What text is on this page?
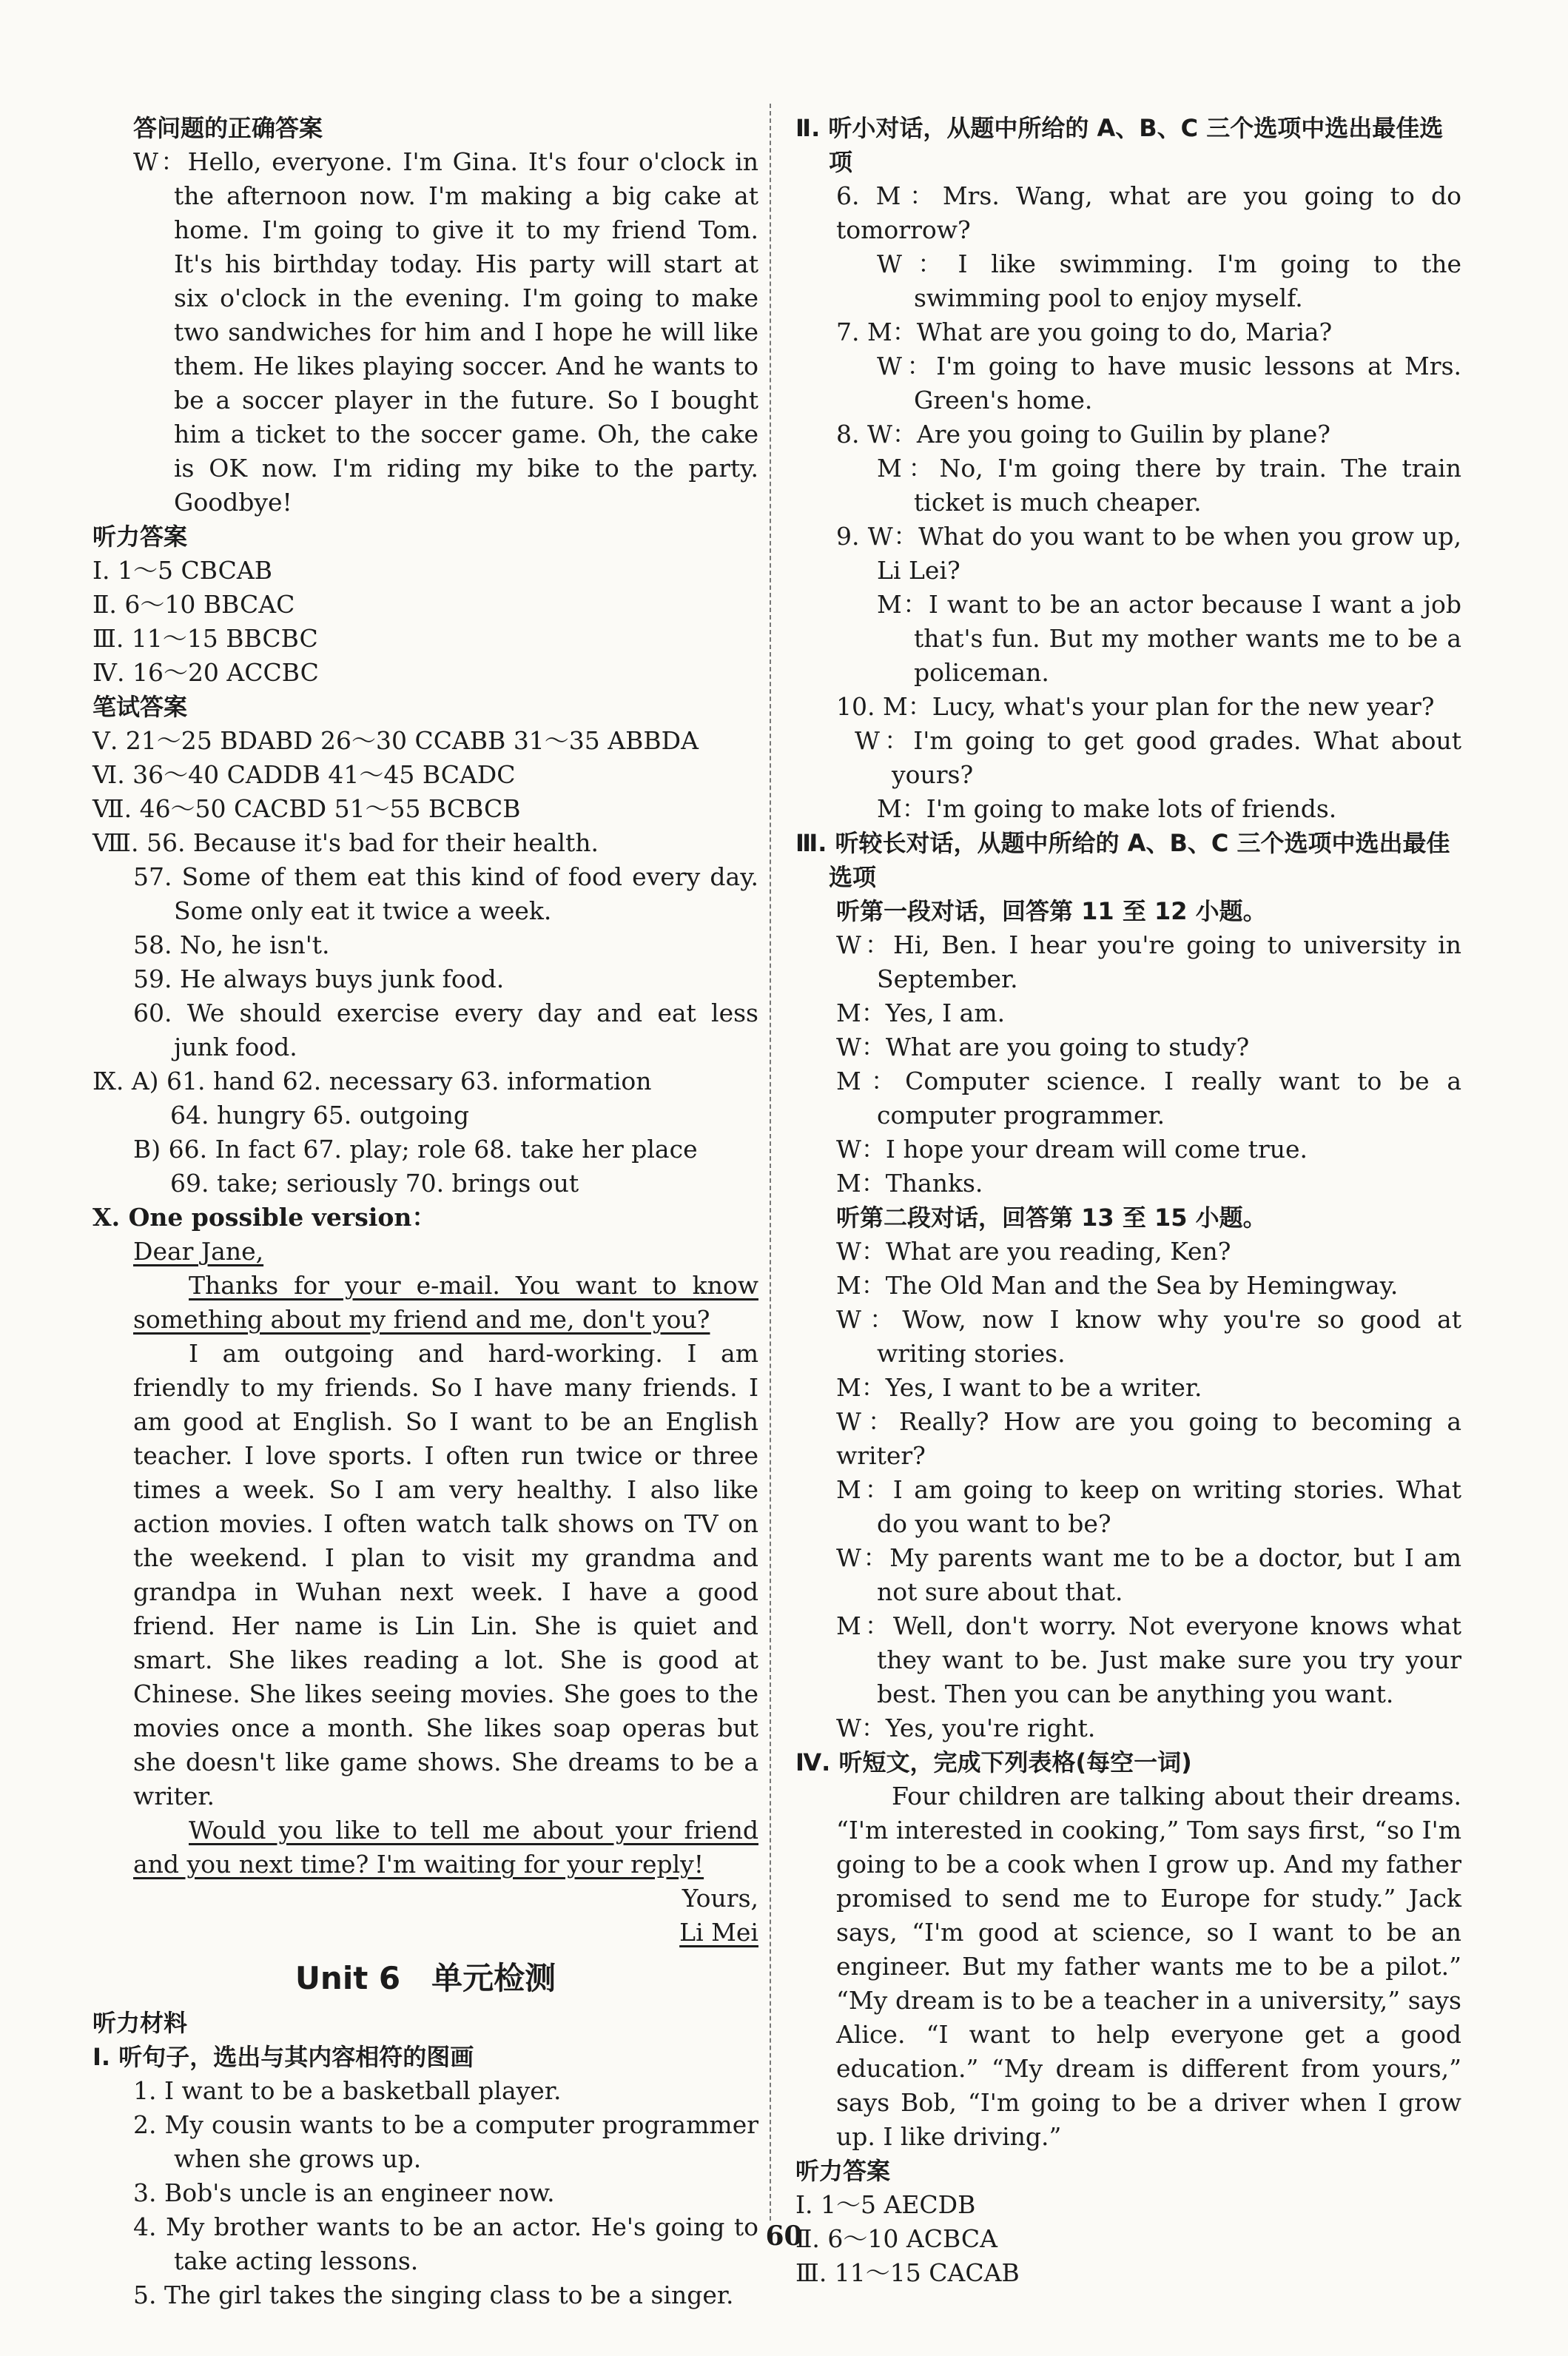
答问题的正确答案

W：Hello, everyone. I'm Gina. It's four o'clock in the afternoon now. I'm making a big cake at home. I'm going to give it to my friend Tom. It's his birthday today. His party will start at six o'clock in the evening. I'm going to make two sandwiches for him and I hope he will like them. He likes playing soccer. And he wants to be a soccer player in the future. So I bought him a ticket to the soccer game. Oh, the cake is OK now. I'm riding my bike to the party. Goodbye!

听力答案

Ⅰ. 1～5 CBCAB

Ⅱ. 6～10 BBCAC

Ⅲ. 11～15 BBCBC

Ⅳ. 16～20 ACCBC

笔试答案

Ⅴ. 21～25 BDABD 26～30 CCABB 31～35 ABBDA

Ⅵ. 36～40 CADDB 41～45 BCADC

Ⅶ. 46～50 CACBD 51～55 BCBCB

Ⅷ. 56. Because it's bad for their health.

57. Some of them eat this kind of food every day. Some only eat it twice a week.

58. No, he isn't.

59. He always buys junk food.

60. We should exercise every day and eat less junk food.

Ⅸ. A) 61. hand 62. necessary 63. information

64. hungry 65. outgoing

B) 66. In fact 67. play; role 68. take her place

69. take; seriously 70. brings out

Ⅹ. One possible version：

Dear Jane,

Thanks for your e-mail. You want to know something about my friend and me, don't you?

I am outgoing and hard-working. I am friendly to my friends. So I have many friends. I am good at English. So I want to be an English teacher. I love sports. I often run twice or three times a week. So I am very healthy. I also like action movies. I often watch talk shows on TV on the weekend. I plan to visit my grandma and grandpa in Wuhan next week. I have a good friend. Her name is Lin Lin. She is quiet and smart. She likes reading a lot. She is good at Chinese. She likes seeing movies. She goes to the movies once a month. She likes soap operas but she doesn't like game shows. She dreams to be a writer.

Would you like to tell me about your friend and you next time? I'm waiting for your reply!

Yours,

Li Mei

Unit 6　单元检测

听力材料

Ⅰ. 听句子，选出与其内容相符的图画

1. I want to be a basketball player.

2. My cousin wants to be a computer programmer when she grows up.

3. Bob's uncle is an engineer now.

4. My brother wants to be an actor. He's going to take acting lessons.

5. The girl takes the singing class to be a singer.

Ⅱ. 听小对话，从题中所给的 A、B、C 三个选项中选出最佳选项

6. M：Mrs. Wang, what are you going to do tomorrow?

W：I like swimming. I'm going to the swimming pool to enjoy myself.

7. M：What are you going to do, Maria?

W：I'm going to have music lessons at Mrs. Green's home.

8. W：Are you going to Guilin by plane?

M：No, I'm going there by train. The train ticket is much cheaper.

9. W：What do you want to be when you grow up, Li Lei?

M：I want to be an actor because I want a job that's fun. But my mother wants me to be a policeman.

10. M：Lucy, what's your plan for the new year?

W：I'm going to get good grades. What about yours?

M：I'm going to make lots of friends.

Ⅲ. 听较长对话，从题中所给的 A、B、C 三个选项中选出最佳选项

听第一段对话，回答第 11 至 12 小题。

W：Hi, Ben. I hear you're going to university in September.

M：Yes, I am.

W：What are you going to study?

M：Computer science. I really want to be a computer programmer.

W：I hope your dream will come true.

M：Thanks.

听第二段对话，回答第 13 至 15 小题。

W：What are you reading, Ken?

M：The Old Man and the Sea by Hemingway.

W：Wow, now I know why you're so good at writing stories.

M：Yes, I want to be a writer.

W：Really? How are you going to becoming a writer?

M：I am going to keep on writing stories. What do you want to be?

W：My parents want me to be a doctor, but I am not sure about that.

M：Well, don't worry. Not everyone knows what they want to be. Just make sure you try your best. Then you can be anything you want.

W：Yes, you're right.

Ⅳ. 听短文，完成下列表格(每空一词)

Four children are talking about their dreams. “I'm interested in cooking,” Tom says first, “so I'm going to be a cook when I grow up. And my father promised to send me to Europe for study.” Jack says, “I'm good at science, so I want to be an engineer. But my father wants me to be a pilot.” “My dream is to be a teacher in a university,” says Alice. “I want to help everyone get a good education.” “My dream is different from yours,” says Bob, “I'm going to be a driver when I grow up. I like driving.”

听力答案

Ⅰ. 1～5 AECDB

Ⅱ. 6～10 ACBCA

Ⅲ. 11～15 CACAB

60
